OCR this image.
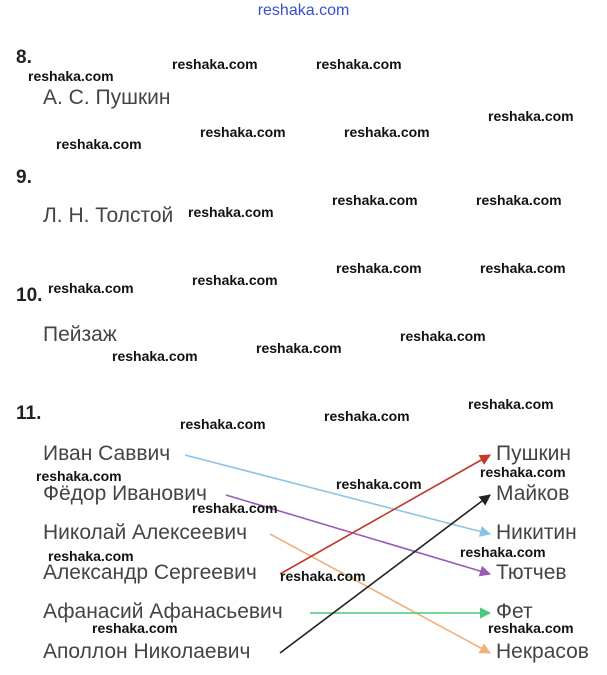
reshaka.com
8.
9.
10.
11.
А. С. Пушкин
Л. Н. Толстой
Пейзаж
Иван Саввич
Фёдор Иванович
Николай Алексеевич
Александр Сергеевич
Афанасий Афанасьевич
Аполлон Николаевич
Пушкин
Майков
Никитин
Тютчев
Фет
Некрасов
reshaka.com
reshaka.com	reshaka.com
reshaka.com	reshaka.com
reshaka.com
reshaka.com
reshaka.com
reshaka.com	reshaka.com
reshaka.com
reshaka.com	reshaka.com
reshaka.com
reshaka.com
reshaka.com
reshaka.com
reshaka.com
reshaka.com
reshaka.com
reshaka.com
reshaka.com	reshaka.com
reshaka.com
reshaka.com
reshaka.com
reshaka.com
reshaka.com
reshaka.com
